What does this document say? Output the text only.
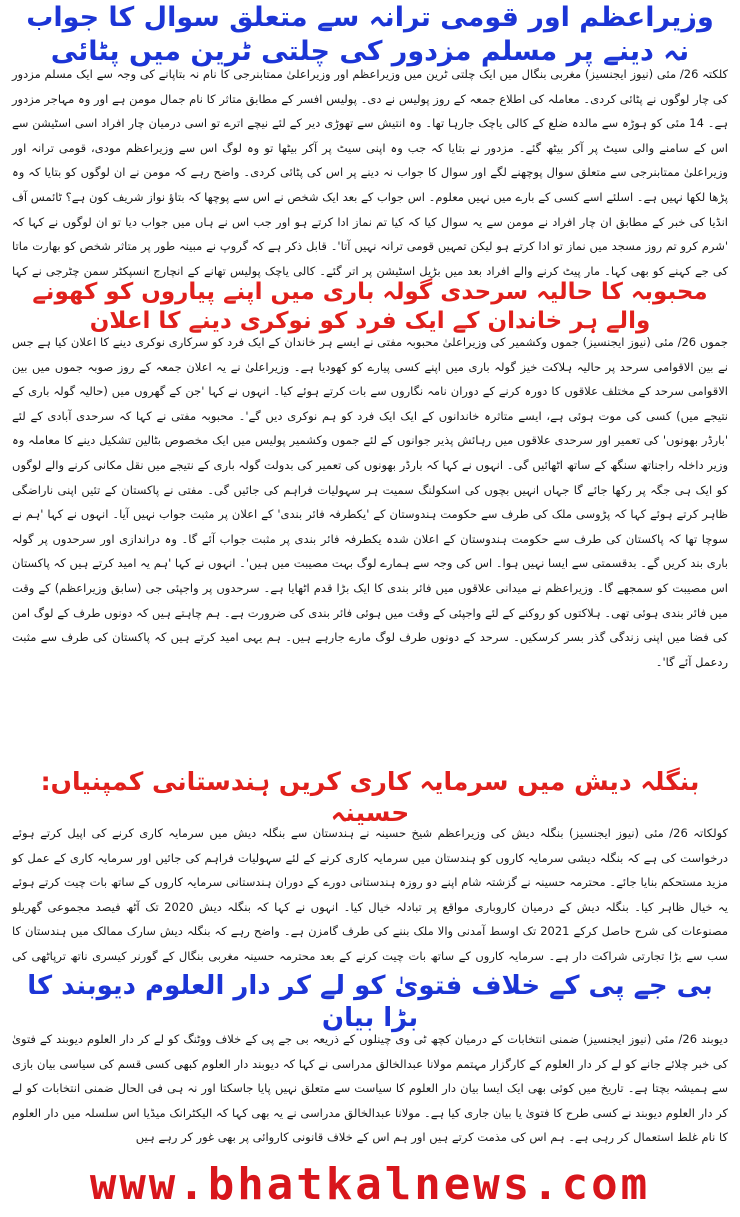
وزیراعظم اور قومی ترانہ سے متعلق سوال کا جواب نہ دینے پر مسلم مزدور کی چلتی ٹرین میں پٹائی

کلکتہ 26/ مئی (نیوز ایجنسیز) مغربی بنگال میں ایک چلتی ٹرین میں وزیراعظم اور وزیراعلیٰ ممتابنرجی کا نام نہ بتاپانے کی وجہ سے ایک مسلم مزدور کی چار لوگوں نے پٹائی کردی۔ معاملہ کی اطلاع جمعہ کے روز پولیس نے دی۔ پولیس افسر کے مطابق متاثر کا نام جمال مومن ہے اور وہ مہاجر مزدور ہے۔ 14 مئی کو ہوڑہ سے مالدہ ضلع کے کالی یاچک جارہا تھا۔ وہ انتیش سے تھوڑی دیر کے لئے نیچے اترے تو اسی درمیان چار افراد اسی اسٹیشن سے اس کے سامنے والی سیٹ پر آکر بیٹھ گئے۔ مزدور نے بتایا کہ جب وہ اپنی سیٹ پر آکر بیٹھا تو وہ لوگ اس سے وزیراعظم مودی، قومی ترانہ اور وزیراعلیٰ ممتابنرجی سے متعلق سوال پوچھنے لگے اور سوال کا جواب نہ دینے پر اس کی پٹائی کردی۔ واضح رہے کہ مومن نے ان لوگوں کو بتایا کہ وہ پڑھا لکھا نہیں ہے۔ اسلئے اسے کسی کے بارے میں نہیں معلوم۔ اس جواب کے بعد ایک شخص نے اس سے پوچھا کہ بتاؤ نواز شریف کون ہے؟ ٹائمس آف انڈیا کی خبر کے مطابق ان چار افراد نے مومن سے یہ سوال کیا کہ کیا تم نماز ادا کرتے ہو اور جب اس نے ہاں میں جواب دیا تو ان لوگوں نے کہا کہ 'شرم کرو تم روز مسجد میں نماز تو ادا کرتے ہو لیکن تمہیں قومی ترانہ نہیں آتا'۔ قابل ذکر ہے کہ گروپ نے مبینہ طور پر متاثر شخص کو بھارت ماتا کی جے کہنے کو بھی کہا۔ مار پیٹ کرنے والے افراد بعد میں بڑیل اسٹیشن پر اتر گئے۔ کالی یاچک پولیس تھانے کے انچارج انسپکٹر سمن چٹرجی نے کہا

محبوبہ کا حالیہ سرحدی گولہ باری میں اپنے پیاروں کو کھونے والے ہر خاندان کے ایک فرد کو نوکری دینے کا اعلان

جموں 26/ مئی (نیوز ایجنسیز) جموں وکشمیر کی وزیراعلیٰ محبوبہ مفتی نے ایسے ہر خاندان کے ایک فرد کو سرکاری نوکری دینے کا اعلان کیا ہے جس نے بین الاقوامی سرحد پر حالیہ ہلاکت خیز گولہ باری میں اپنے کسی پیارے کو کھودیا ہے۔ وزیراعلیٰ نے یہ اعلان جمعہ کے روز صوبہ جموں میں بین الاقوامی سرحد کے مختلف علاقوں کا دورہ کرنے کے دوران نامہ نگاروں سے بات کرتے ہوئے کیا۔ انہوں نے کہا 'جن کے گھروں میں (حالیہ گولہ باری کے نتیجے میں) کسی کی موت ہوئی ہے، ایسے متاثرہ خاندانوں کے ایک ایک فرد کو ہم نوکری دیں گے'۔ محبوبہ مفتی نے کہا کہ سرحدی آبادی کے لئے 'بارڈر بھونوں' کی تعمیر اور سرحدی علاقوں میں رہائش پذیر جوانوں کے لئے جموں وکشمیر پولیس میں ایک مخصوص بٹالین تشکیل دینے کا معاملہ وہ وزیر داخلہ راجناتھ سنگھ کے ساتھ اٹھائیں گی۔ انہوں نے کہا کہ بارڈر بھونوں کی تعمیر کی بدولت گولہ باری کے نتیجے میں نقل مکانی کرنے والے لوگوں کو ایک ہی جگہ پر رکھا جائے گا جہاں انہیں بچوں کی اسکولنگ سمیت ہر سہولیات فراہم کی جائیں گی۔ مفتی نے پاکستان کے تئیں اپنی ناراضگی ظاہر کرتے ہوئے کہا کہ پڑوسی ملک کی طرف سے حکومت ہندوستان کے 'یکطرفہ فائر بندی' کے اعلان پر مثبت جواب نہیں آیا۔ انہوں نے کہا 'ہم نے سوچا تھا کہ پاکستان کی طرف سے حکومت ہندوستان کے اعلان شدہ یکطرفہ فائر بندی پر مثبت جواب آئے گا۔ وہ دراندازی اور سرحدوں پر گولہ باری بند کریں گے۔ بدقسمتی سے ایسا نہیں ہوا۔ اس کی وجہ سے ہمارے لوگ بہت مصیبت میں ہیں'۔ انہوں نے کہا 'ہم یہ امید کرتے ہیں کہ پاکستان اس مصیبت کو سمجھے گا۔ وزیراعظم نے میدانی علاقوں میں فائر بندی کا ایک بڑا قدم اٹھایا ہے۔ سرحدوں پر واجپئی جی (سابق وزیراعظم) کے وقت میں فائر بندی ہوئی تھی۔ ہلاکتوں کو روکنے کے لئے واجپئی کے وقت میں ہوئی فائر بندی کی ضرورت ہے۔ ہم چاہتے ہیں کہ دونوں طرف کے لوگ امن کی فضا میں اپنی زندگی گذر بسر کرسکیں۔ سرحد کے دونوں طرف لوگ مارے جارہے ہیں۔ ہم یہی امید کرتے ہیں کہ پاکستان کی طرف سے مثبت ردعمل آئے گا'۔

بنگلہ دیش میں سرمایہ کاری کریں ہندستانی کمپنیاں: حسینہ

کولکاتہ 26/ مئی (نیوز ایجنسیز) بنگلہ دیش کی وزیراعظم شیخ حسینہ نے ہندستان سے بنگلہ دیش میں سرمایہ کاری کرنے کی اپیل کرتے ہوئے درخواست کی ہے کہ بنگلہ دیشی سرمایہ کاروں کو ہندستان میں سرمایہ کاری کرنے کے لئے سہولیات فراہم کی جائیں اور سرمایہ کاری کے عمل کو مزید مستحکم بنایا جائے۔ محترمہ حسینہ نے گزشتہ شام اپنے دو روزہ ہندستانی دورے کے دوران ہندستانی سرمایہ کاروں کے ساتھ بات چیت کرتے ہوئے یہ خیال ظاہر کیا۔ بنگلہ دیش کے درمیان کاروباری مواقع پر تبادلہ خیال کیا۔ انہوں نے کہا کہ بنگلہ دیش 2020 تک آٹھ فیصد مجموعی گھریلو مصنوعات کی شرح حاصل کرکے 2021 تک اوسط آمدنی والا ملک بننے کی طرف گامزن ہے۔ واضح رہے کہ بنگلہ دیش سارک ممالک میں ہندستان کا سب سے بڑا تجارتی شراکت دار ہے۔ سرمایہ کاروں کے ساتھ بات چیت کرنے کے بعد محترمہ حسینہ مغربی بنگال کے گورنر کیسری ناتھ ترپاٹھی کی

بی جے پی کے خلاف فتویٰ کو لے کر دار العلوم دیوبند کا بڑا بیان

دیوبند 26/ مئی (نیوز ایجنسیز) ضمنی انتخابات کے درمیان کچھ ٹی وی چینلوں کے ذریعہ بی جے پی کے خلاف ووٹنگ کو لے کر دار العلوم دیوبند کے فتویٰ کی خبر چلائے جانے کو لے کر دار العلوم کے کارگزار مہتمم مولانا عبدالخالق مدراسی نے کہا کہ دیوبند دار العلوم کبھی کسی قسم کی سیاسی بیان بازی سے ہمیشہ بچتا ہے۔ تاریخ میں کوئی بھی ایک ایسا بیان دار العلوم کا سیاست سے متعلق نہیں پایا جاسکتا اور نہ ہی فی الحال ضمنی انتخابات کو لے کر دار العلوم دیوبند نے کسی طرح کا فتویٰ یا بیان جاری کیا ہے۔ مولانا عبدالخالق مدراسی نے یہ بھی کہا کہ الیکٹرانک میڈیا اس سلسلہ میں دار العلوم کا نام غلط استعمال کر رہی ہے۔ ہم اس کی مذمت کرتے ہیں اور ہم اس کے خلاف قانونی کاروائی پر بھی غور کر رہے ہیں

www.bhatkalnews.com
